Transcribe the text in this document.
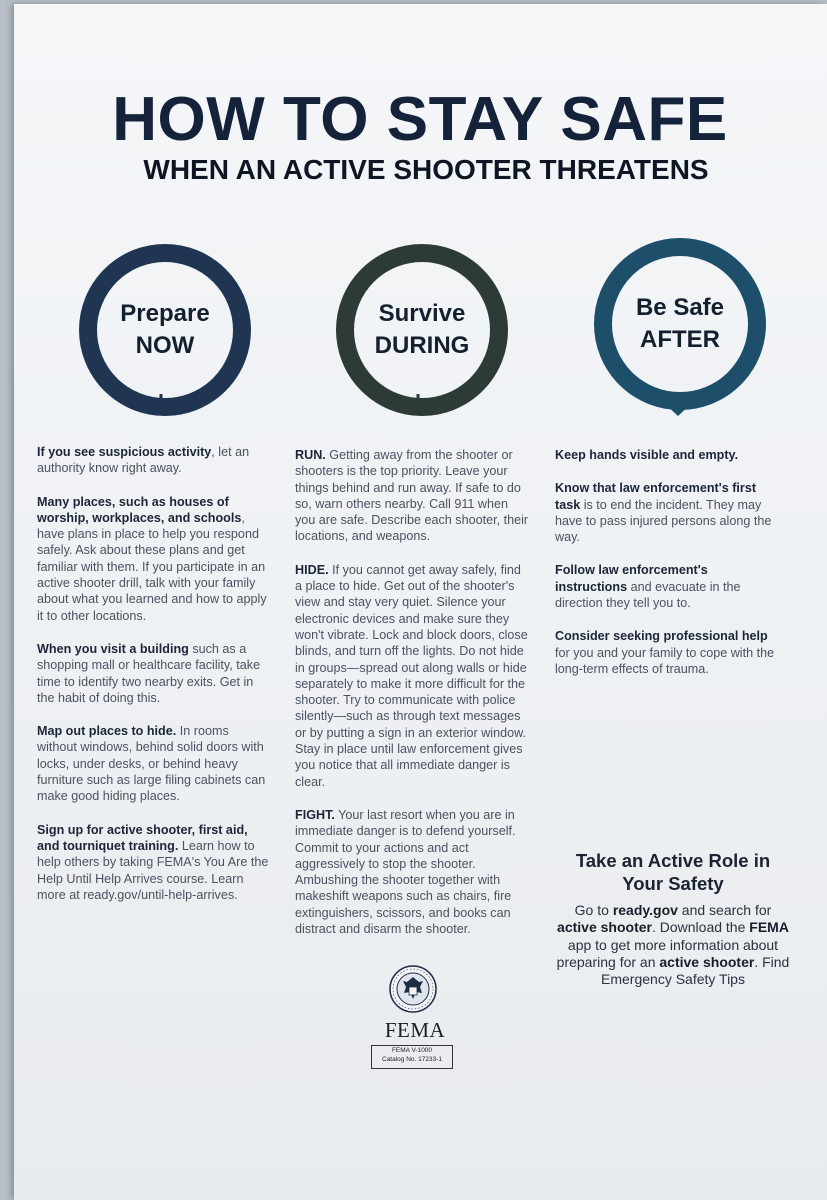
HOW TO STAY SAFE
WHEN AN ACTIVE SHOOTER THREATENS
Prepare
NOW
Survive
DURING
Be Safe
AFTER

If you see suspicious activity, let an authority know right away.

Many places, such as houses of worship, workplaces, and schools, have plans in place to help you respond safely. Ask about these plans and get familiar with them. If you participate in an active shooter drill, talk with your family about what you learned and how to apply it to other locations.

When you visit a building such as a shopping mall or healthcare facility, take time to identify two nearby exits. Get in the habit of doing this.

Map out places to hide. In rooms without windows, behind solid doors with locks, under desks, or behind heavy furniture such as large filing cabinets can make good hiding places.

Sign up for active shooter, first aid, and tourniquet training. Learn how to help others by taking FEMA's You Are the Help Until Help Arrives course. Learn more at ready.gov/until-help-arrives.

RUN. Getting away from the shooter or shooters is the top priority. Leave your things behind and run away. If safe to do so, warn others nearby. Call 911 when you are safe. Describe each shooter, their locations, and weapons.

HIDE. If you cannot get away safely, find a place to hide. Get out of the shooter's view and stay very quiet. Silence your electronic devices and make sure they won't vibrate. Lock and block doors, close blinds, and turn off the lights. Do not hide in groups—spread out along walls or hide separately to make it more difficult for the shooter. Try to communicate with police silently—such as through text messages or by putting a sign in an exterior window. Stay in place until law enforcement gives you notice that all immediate danger is clear.

FIGHT. Your last resort when you are in immediate danger is to defend yourself. Commit to your actions and act aggressively to stop the shooter. Ambushing the shooter together with makeshift weapons such as chairs, fire extinguishers, scissors, and books can distract and disarm the shooter.

Keep hands visible and empty.

Know that law enforcement's first task is to end the incident. They may have to pass injured persons along the way.

Follow law enforcement's instructions and evacuate in the direction they tell you to.

Consider seeking professional help for you and your family to cope with the long-term effects of trauma.

Take an Active Role in Your Safety
Go to ready.gov and search for active shooter. Download the FEMA app to get more information about preparing for an active shooter. Find Emergency Safety Tips
FEMA
FEMA V-1000
Catalog No. 17233-1
